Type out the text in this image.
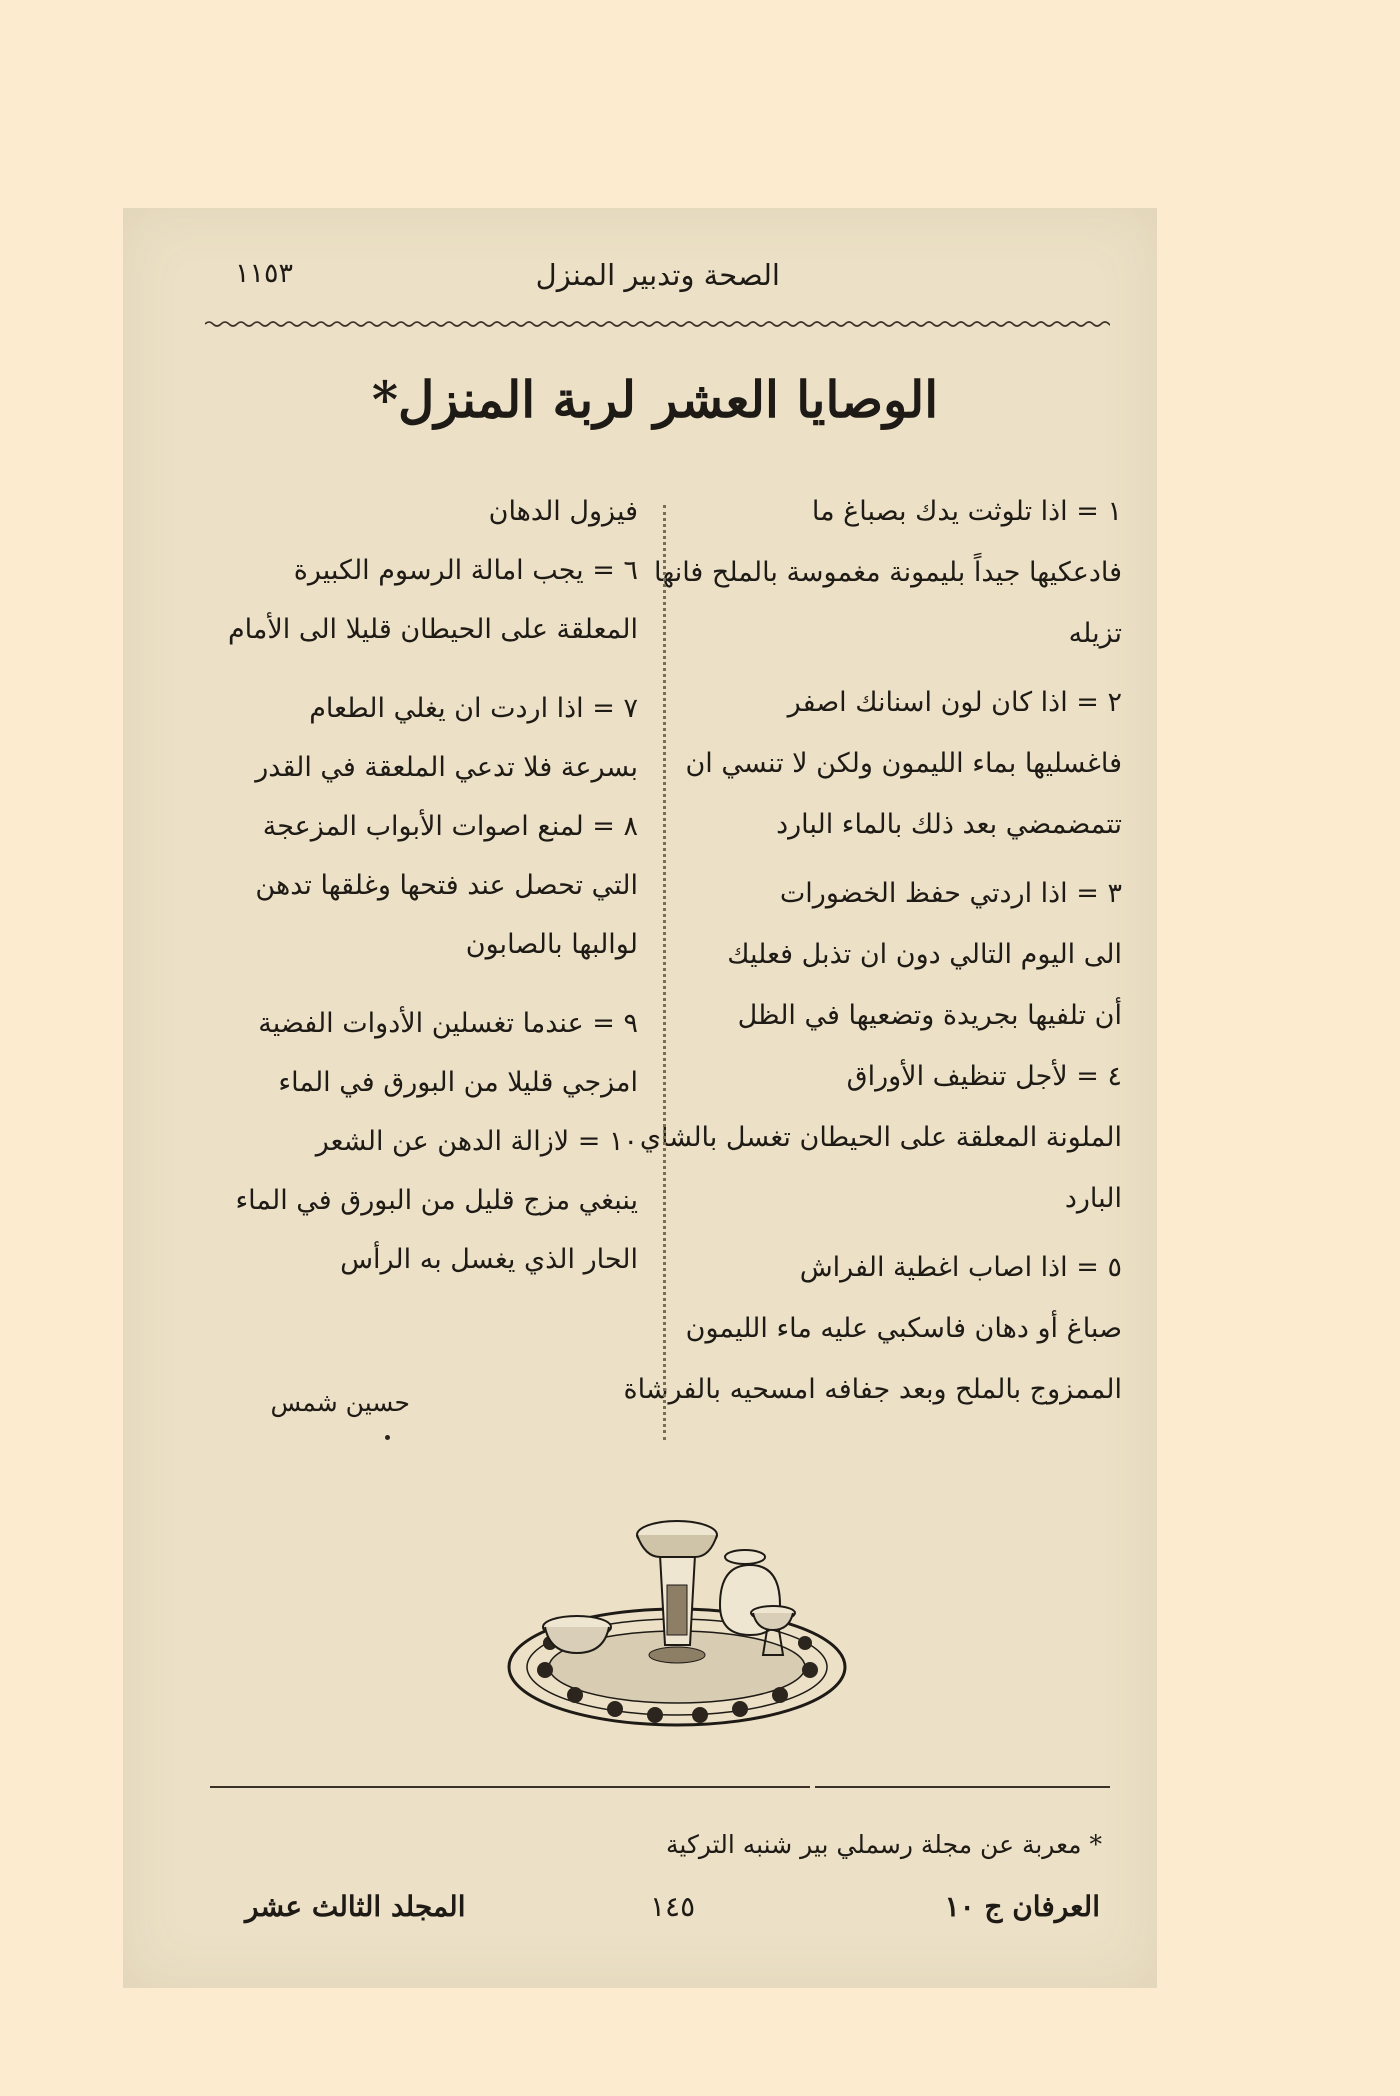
١١٥٣	الصحة وتدبير المنزل
الوصايا العشر لربة المنزل*
١ = اذا تلوثت يدك بصباغ ما
فادعكيها جيداً بليمونة مغموسة بالملح فانها
تزيله
٢ = اذا كان لون اسنانك اصفر
فاغسليها بماء الليمون ولكن لا تنسي ان
تتمضمضي بعد ذلك بالماء البارد
٣ = اذا اردتي حفظ الخضورات
الى اليوم التالي دون ان تذبل فعليك
أن تلفيها بجريدة وتضعيها في الظل
٤ = لأجل تنظيف الأوراق
الملونة المعلقة على الحيطان تغسل بالشاي
البارد
٥ = اذا اصاب اغطية الفراش
صباغ أو دهان فاسكبي عليه ماء الليمون
الممزوج بالملح وبعد جفافه امسحيه بالفرشاة
فيزول الدهان
٦ = يجب امالة الرسوم الكبيرة
المعلقة على الحيطان قليلا الى الأمام
٧ = اذا اردت ان يغلي الطعام
بسرعة فلا تدعي الملعقة في القدر
٨ = لمنع اصوات الأبواب المزعجة
التي تحصل عند فتحها وغلقها تدهن
لوالبها بالصابون
٩ = عندما تغسلين الأدوات الفضية
امزجي قليلا من البورق في الماء
١٠ = لازالة الدهن عن الشعر
ينبغي مزج قليل من البورق في الماء
الحار الذي يغسل به الرأس
حسين شمس
* معربة عن مجلة رسملي بير شنبه التركية
العرفان ج ١٠
١٤٥
المجلد الثالث عشر
